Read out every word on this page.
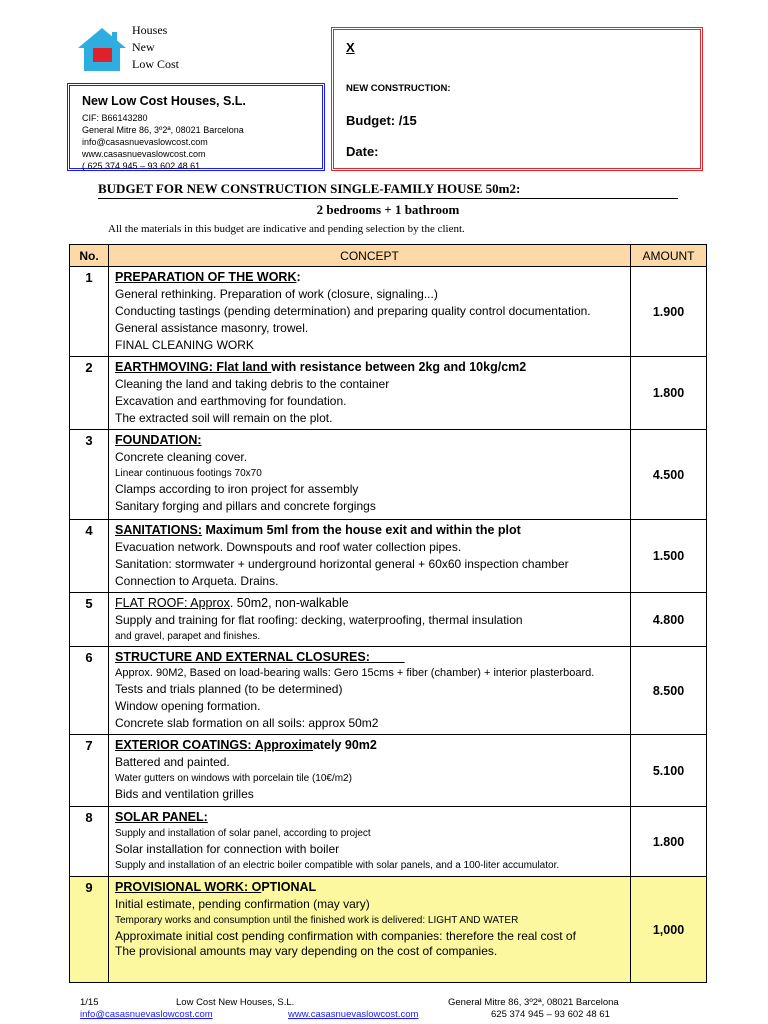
Houses
New
Low Cost
New Low Cost Houses, S.L.
CIF: B66143280
General Mitre 86, 3º2ª, 08021 Barcelona
info@casasnuevaslowcost.com
www.casasnuevaslowcost.com
( 625 374 945 – 93 602 48 61
X
NEW CONSTRUCTION:
Budget: /15
Date:
BUDGET FOR NEW CONSTRUCTION SINGLE-FAMILY HOUSE 50m2:
2 bedrooms + 1 bathroom
All the materials in this budget are indicative and pending selection by the client.
No.	CONCEPT	AMOUNT
1	PREPARATION OF THE WORK:
General rethinking. Preparation of work (closure, signaling...)
Conducting tastings (pending determination) and preparing quality control documentation.
General assistance masonry, trowel.
FINAL CLEANING WORK	1.900
2	EARTHMOVING: Flat land with resistance between 2kg and 10kg/cm2
Cleaning the land and taking debris to the container
Excavation and earthmoving for foundation.
The extracted soil will remain on the plot.	1.800
3	FOUNDATION:
Concrete cleaning cover.
Linear continuous footings 70x70
Clamps according to iron project for assembly
Sanitary forging and pillars and concrete forgings	4.500
4	SANITATIONS: Maximum 5ml from the house exit and within the plot
Evacuation network. Downspouts and roof water collection pipes.
Sanitation: stormwater + underground horizontal general + 60x60 inspection chamber
Connection to Arqueta. Drains.	1.500
5	FLAT ROOF: Approx. 50m2, non-walkable
Supply and training for flat roofing: decking, waterproofing, thermal insulation
and gravel, parapet and finishes.	4.800
6	STRUCTURE AND EXTERNAL CLOSURES:
Approx. 90M2, Based on load-bearing walls: Gero 15cms + fiber (chamber) + interior plasterboard.
Tests and trials planned (to be determined)
Window opening formation.
Concrete slab formation on all soils: approx 50m2	8.500
7	EXTERIOR COATINGS: Approximately 90m2
Battered and painted.
Water gutters on windows with porcelain tile (10€/m2)
Bids and ventilation grilles	5.100
8	SOLAR PANEL:
Supply and installation of solar panel, according to project
Solar installation for connection with boiler
Supply and installation of an electric boiler compatible with solar panels, and a 100-liter accumulator.	1.800
9	PROVISIONAL WORK: OPTIONAL
Initial estimate, pending confirmation (may vary)
Temporary works and consumption until the finished work is delivered: LIGHT AND WATER
Approximate initial cost pending confirmation with companies: therefore the real cost of
The provisional amounts may vary depending on the cost of companies.	1,000
1/15	Low Cost New Houses, S.L.	General Mitre 86, 3º2ª, 08021 Barcelona
info@casasnuevaslowcost.com	www.casasnuevaslowcost.com	625 374 945 – 93 602 48 61
